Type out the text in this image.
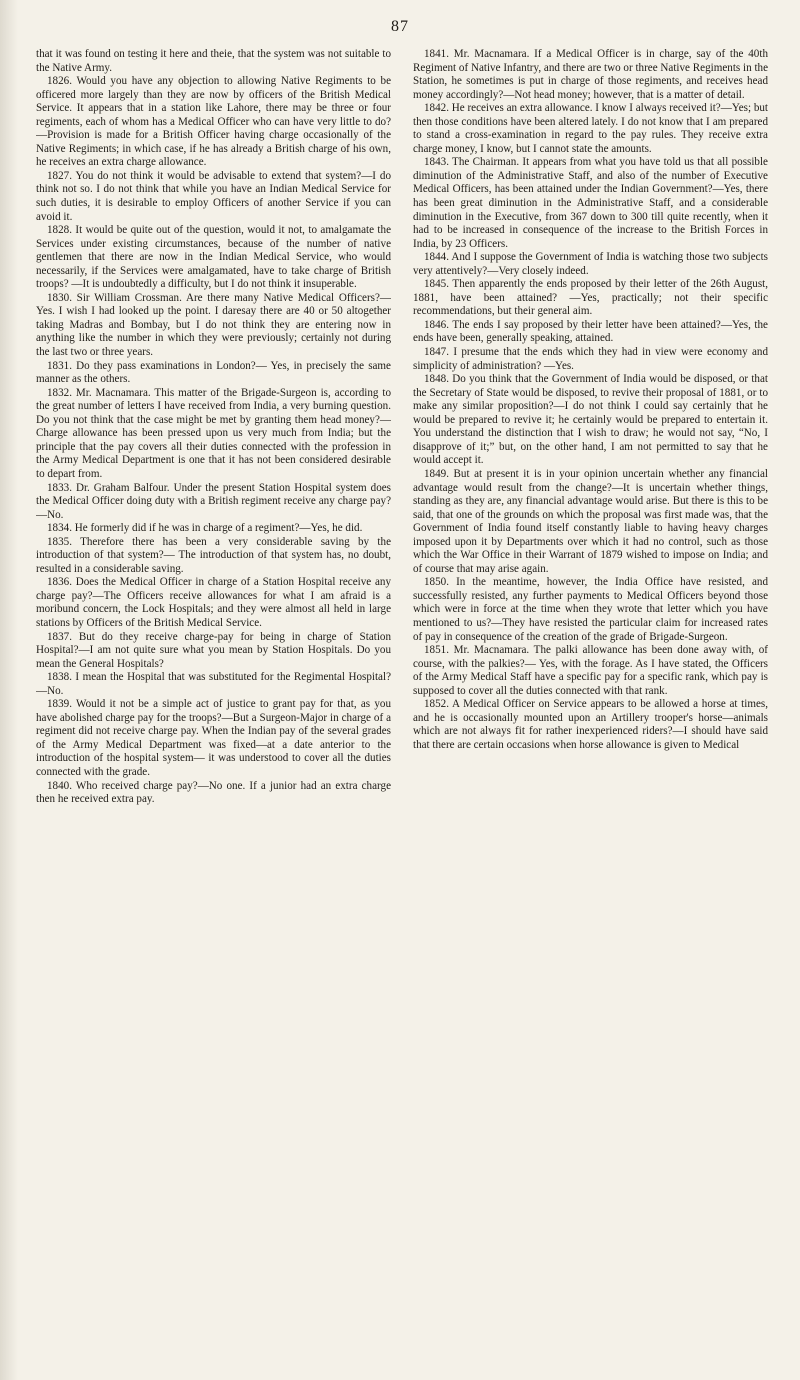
87

that it was found on testing it here and theie, that the system was not suitable to the Native Army.

1826. Would you have any objection to allowing Native Regiments to be officered more largely than they are now by officers of the British Medical Service. It appears that in a station like Lahore, there may be three or four regiments, each of whom has a Medical Officer who can have very little to do? —Provision is made for a British Officer having charge occasionally of the Native Regiments; in which case, if he has already a British charge of his own, he receives an extra charge allowance.

1827. You do not think it would be advisable to extend that system?—I do think not so. I do not think that while you have an Indian Medical Service for such duties, it is desirable to employ Officers of another Service if you can avoid it.

1828. It would be quite out of the question, would it not, to amalgamate the Services under existing circumstances, because of the number of native gentlemen that there are now in the Indian Medical Service, who would necessarily, if the Services were amalgamated, have to take charge of British troops? —It is undoubtedly a difficulty, but I do not think it insuperable.

1830. Sir William Crossman. Are there many Native Medical Officers?—Yes. I wish I had looked up the point. I daresay there are 40 or 50 altogether taking Madras and Bombay, but I do not think they are entering now in anything like the number in which they were previously; certainly not during the last two or three years.

1831. Do they pass examinations in London?— Yes, in precisely the same manner as the others.

1832. Mr. Macnamara. This matter of the Brigade-Surgeon is, according to the great number of letters I have received from India, a very burning question. Do you not think that the case might be met by granting them head money?— Charge allowance has been pressed upon us very much from India; but the principle that the pay covers all their duties connected with the profession in the Army Medical Department is one that it has not been considered desirable to depart from.

1833. Dr. Graham Balfour. Under the present Station Hospital system does the Medical Officer doing duty with a British regiment receive any charge pay?—No.

1834. He formerly did if he was in charge of a regiment?—Yes, he did.

1835. Therefore there has been a very considerable saving by the introduction of that system?— The introduction of that system has, no doubt, resulted in a considerable saving.

1836. Does the Medical Officer in charge of a Station Hospital receive any charge pay?—The Officers receive allowances for what I am afraid is a moribund concern, the Lock Hospitals; and they were almost all held in large stations by Officers of the British Medical Service.

1837. But do they receive charge-pay for being in charge of Station Hospital?—I am not quite sure what you mean by Station Hospitals. Do you mean the General Hospitals?

1838. I mean the Hospital that was substituted for the Regimental Hospital?—No.

1839. Would it not be a simple act of justice to grant pay for that, as you have abolished charge pay for the troops?—But a Surgeon-Major in charge of a regiment did not receive charge pay. When the Indian pay of the several grades of the Army Medical Department was fixed—at a date anterior to the introduction of the hospital system— it was understood to cover all the duties connected with the grade.

1840. Who received charge pay?—No one. If a junior had an extra charge then he received extra pay.

1841. Mr. Macnamara. If a Medical Officer is in charge, say of the 40th Regiment of Native Infantry, and there are two or three Native Regiments in the Station, he sometimes is put in charge of those regiments, and receives head money accordingly?—Not head money; however, that is a matter of detail.

1842. He receives an extra allowance. I know I always received it?—Yes; but then those conditions have been altered lately. I do not know that I am prepared to stand a cross-examination in regard to the pay rules. They receive extra charge money, I know, but I cannot state the amounts.

1843. The Chairman. It appears from what you have told us that all possible diminution of the Administrative Staff, and also of the number of Executive Medical Officers, has been attained under the Indian Government?—Yes, there has been great diminution in the Administrative Staff, and a considerable diminution in the Executive, from 367 down to 300 till quite recently, when it had to be increased in consequence of the increase to the British Forces in India, by 23 Officers.

1844. And I suppose the Government of India is watching those two subjects very attentively?—Very closely indeed.

1845. Then apparently the ends proposed by their letter of the 26th August, 1881, have been attained? —Yes, practically; not their specific recommendations, but their general aim.

1846. The ends I say proposed by their letter have been attained?—Yes, the ends have been, generally speaking, attained.

1847. I presume that the ends which they had in view were economy and simplicity of administration? —Yes.

1848. Do you think that the Government of India would be disposed, or that the Secretary of State would be disposed, to revive their proposal of 1881, or to make any similar proposition?—I do not think I could say certainly that he would be prepared to revive it; he certainly would be prepared to entertain it. You understand the distinction that I wish to draw; he would not say, “No, I disapprove of it;” but, on the other hand, I am not permitted to say that he would accept it.

1849. But at present it is in your opinion uncertain whether any financial advantage would result from the change?—It is uncertain whether things, standing as they are, any financial advantage would arise. But there is this to be said, that one of the grounds on which the proposal was first made was, that the Government of India found itself constantly liable to having heavy charges imposed upon it by Departments over which it had no control, such as those which the War Office in their Warrant of 1879 wished to impose on India; and of course that may arise again.

1850. In the meantime, however, the India Office have resisted, and successfully resisted, any further payments to Medical Officers beyond those which were in force at the time when they wrote that letter which you have mentioned to us?—They have resisted the particular claim for increased rates of pay in consequence of the creation of the grade of Brigade-Surgeon.

1851. Mr. Macnamara. The palki allowance has been done away with, of course, with the palkies?— Yes, with the forage. As I have stated, the Officers of the Army Medical Staff have a specific pay for a specific rank, which pay is supposed to cover all the duties connected with that rank.

1852. A Medical Officer on Service appears to be allowed a horse at times, and he is occasionally mounted upon an Artillery trooper's horse—animals which are not always fit for rather inexperienced riders?—I should have said that there are certain occasions when horse allowance is given to Medical
